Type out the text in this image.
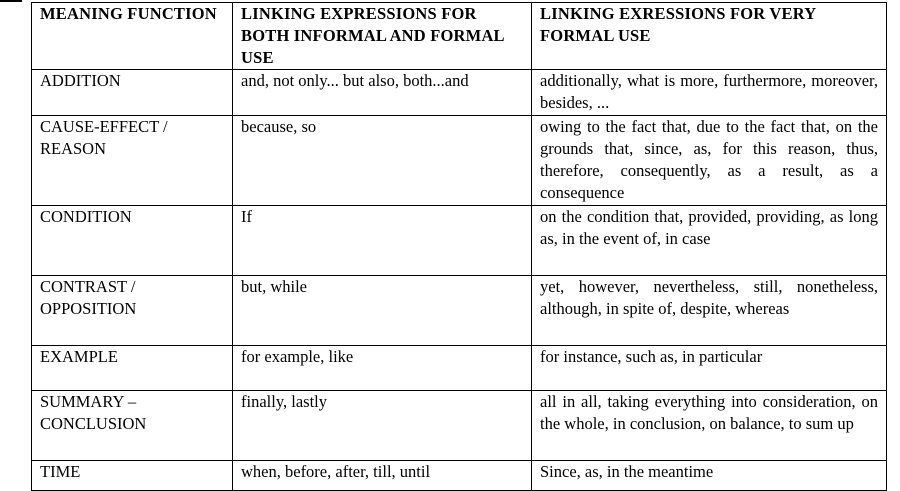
MEANING FUNCTION	LINKING EXPRESSIONS FOR BOTH INFORMAL AND FORMAL USE	LINKING EXRESSIONS FOR VERY FORMAL USE
ADDITION	and, not only... but also, both...and	additionally, what is more, furthermore, moreover, besides, ...
CAUSE-EFFECT / REASON	because, so	owing to the fact that, due to the fact that, on the grounds that, since, as, for this reason, thus, therefore, consequently, as a result, as a consequence
CONDITION	If	on the condition that, provided, providing, as long as, in the event of, in case
CONTRAST / OPPOSITION	but, while	yet, however, nevertheless, still, nonetheless, although, in spite of, despite, whereas
EXAMPLE	for example, like	for instance, such as, in particular
SUMMARY – CONCLUSION	finally, lastly	all in all, taking everything into consideration, on the whole, in conclusion, on balance, to sum up
TIME	when, before, after, till, until	Since, as, in the meantime
